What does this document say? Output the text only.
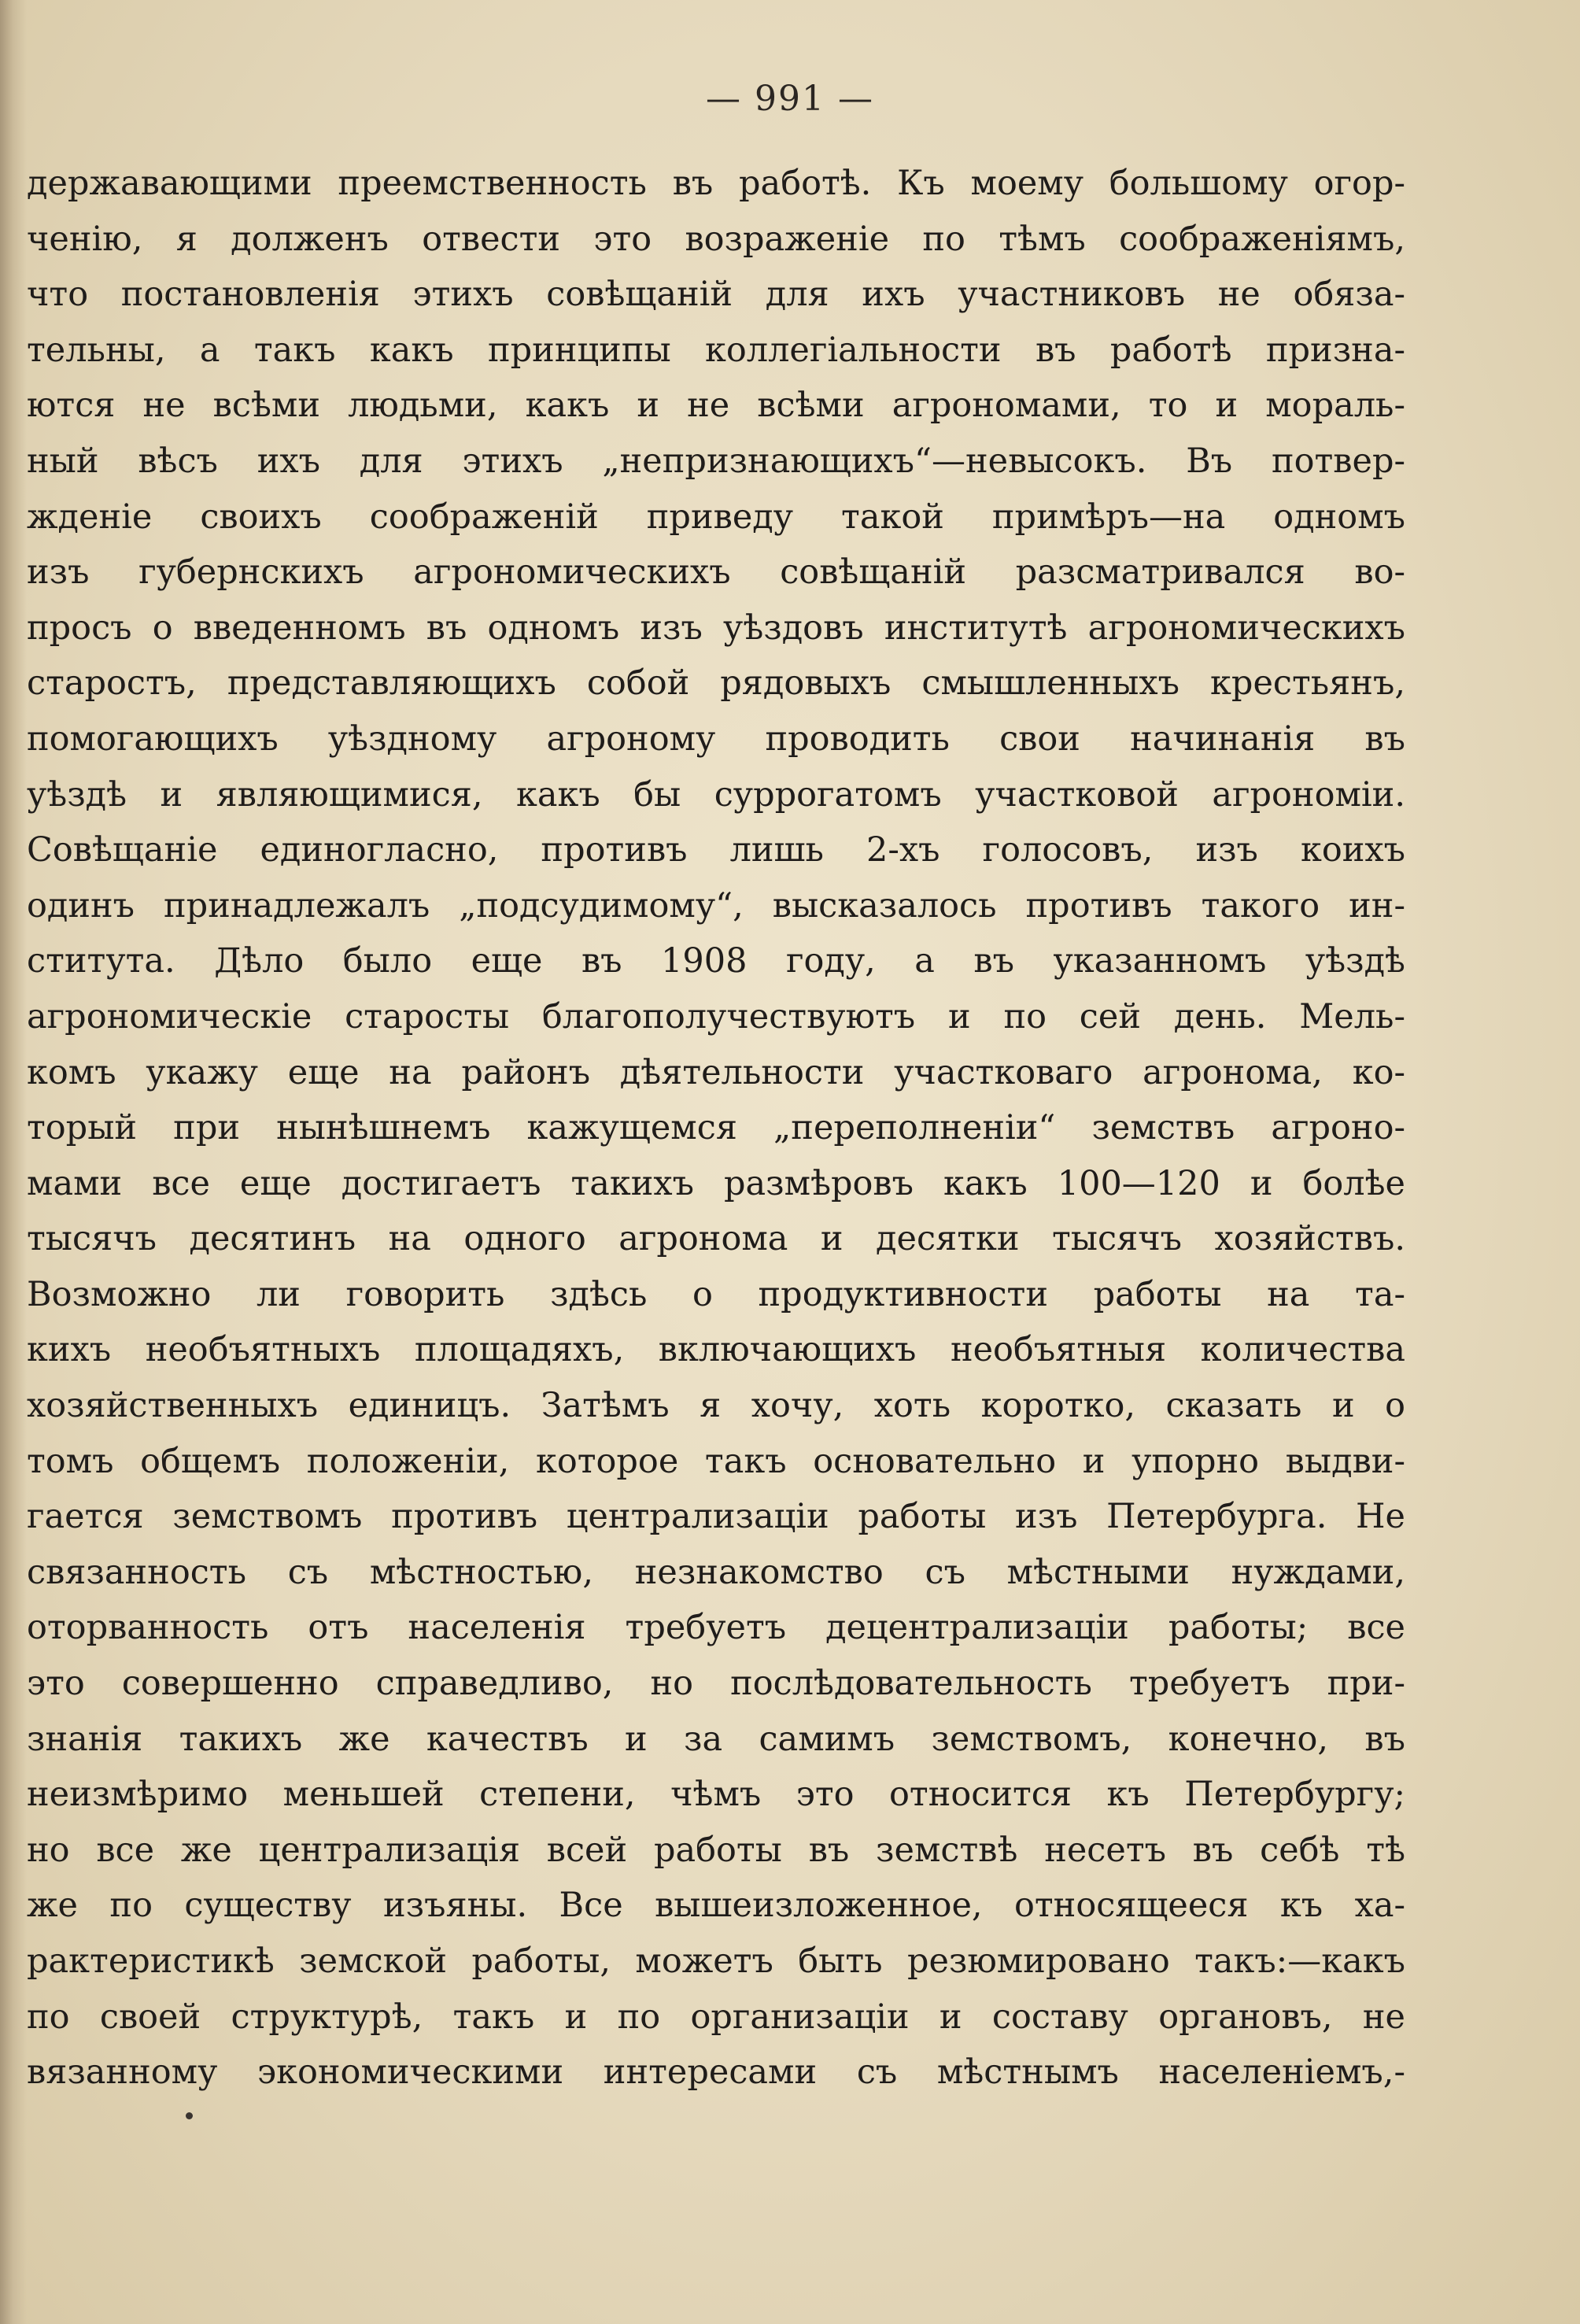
— 991 —
державающими преемственность въ работѣ. Къ моему большому огор-
ченію, я долженъ отвести это возраженіе по тѣмъ соображеніямъ,
что постановленія этихъ совѣщаній для ихъ участниковъ не обяза-
тельны, а такъ какъ принципы коллегіальности въ работѣ призна-
ются не всѣми людьми, какъ и не всѣми агрономами, то и мораль-
ный вѣсъ ихъ для этихъ „непризнающихъ“—невысокъ. Въ потвер-
жденіе своихъ соображеній приведу такой примѣръ—на одномъ
изъ губернскихъ агрономическихъ совѣщаній разсматривался во-
просъ о введенномъ въ одномъ изъ уѣздовъ институтѣ агрономическихъ
старостъ, представляющихъ собой рядовыхъ смышленныхъ крестьянъ,
помогающихъ уѣздному агроному проводить свои начинанія въ
уѣздѣ и являющимися, какъ бы суррогатомъ участковой агрономіи.
Совѣщаніе единогласно, противъ лишь 2-хъ голосовъ, изъ коихъ
одинъ принадлежалъ „подсудимому“, высказалось противъ такого ин-
ститута. Дѣло было еще въ 1908 году, а въ указанномъ уѣздѣ
агрономическіе старосты благополучествуютъ и по сей день. Мель-
комъ укажу еще на районъ дѣятельности участковаго агронома, ко-
торый при нынѣшнемъ кажущемся „переполненіи“ земствъ агроно-
мами все еще достигаетъ такихъ размѣровъ какъ 100—120 и болѣе
тысячъ десятинъ на одного агронома и десятки тысячъ хозяйствъ.
Возможно ли говорить здѣсь о продуктивности работы на та-
кихъ необъятныхъ площадяхъ, включающихъ необъятныя количества
хозяйственныхъ единицъ. Затѣмъ я хочу, хоть коротко, сказать и о
томъ общемъ положеніи, которое такъ основательно и упорно выдви-
гается земствомъ противъ централизаціи работы изъ Петербурга. Не
связанность съ мѣстностью, незнакомство съ мѣстными нуждами,
оторванность отъ населенія требуетъ децентрализаціи работы; все
это совершенно справедливо, но послѣдовательность требуетъ при-
знанія такихъ же качествъ и за самимъ земствомъ, конечно, въ
неизмѣримо меньшей степени, чѣмъ это относится къ Петербургу;
но все же централизація всей работы въ земствѣ несетъ въ себѣ тѣ
же по существу изъяны. Все вышеизложенное, относящееся къ ха-
рактеристикѣ земской работы, можетъ быть резюмировано такъ:—какъ
по своей структурѣ, такъ и по организаціи и составу органовъ, не
вязанному экономическими интересами съ мѣстнымъ населеніемъ,-
